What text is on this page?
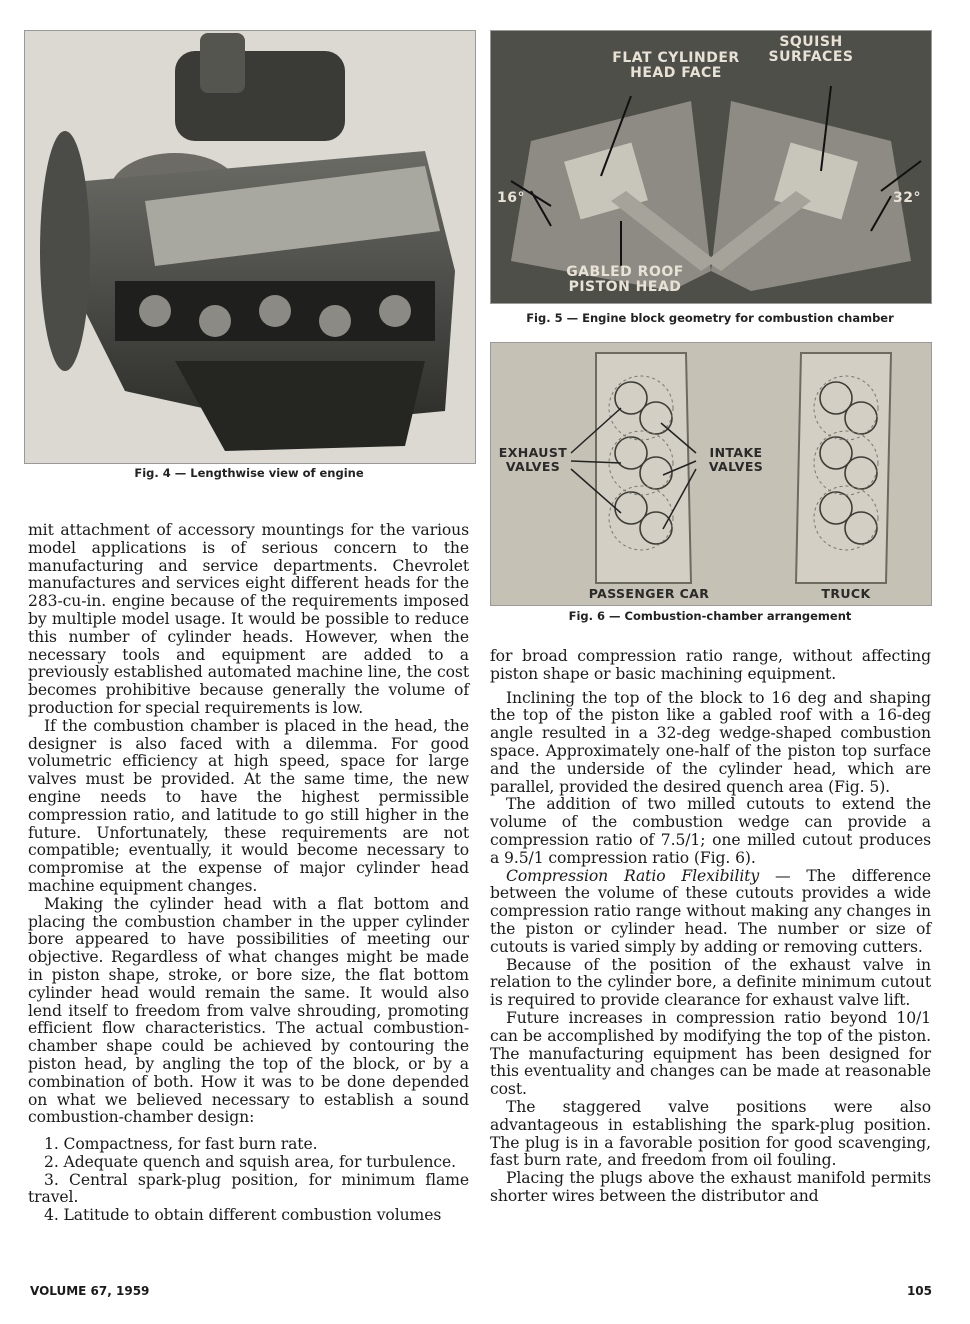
Fig. 4 — Lengthwise view of engine
FLAT CYLINDER
HEAD FACE
SQUISH
SURFACES
16°	32°
GABLED ROOF
PISTON HEAD
Fig. 5 — Engine block geometry for combustion chamber
EXHAUST
VALVES
INTAKE
VALVES
PASSENGER CAR	TRUCK
Fig. 6 — Combustion-chamber arrangement

mit attachment of accessory mountings for the various model applications is of serious concern to the manufacturing and service departments. Chevrolet manufactures and services eight different heads for the 283-cu-in. engine because of the requirements imposed by multiple model usage. It would be possible to reduce this number of cylinder heads. However, when the necessary tools and equipment are added to a previously established automated machine line, the cost becomes prohibitive because generally the volume of production for special requirements is low.

If the combustion chamber is placed in the head, the designer is also faced with a dilemma. For good volumetric efficiency at high speed, space for large valves must be provided. At the same time, the new engine needs to have the highest permissible compression ratio, and latitude to go still higher in the future. Unfortunately, these requirements are not compatible; eventually, it would become necessary to compromise at the expense of major cylinder head machine equipment changes.

Making the cylinder head with a flat bottom and placing the combustion chamber in the upper cylinder bore appeared to have possibilities of meeting our objective. Regardless of what changes might be made in piston shape, stroke, or bore size, the flat bottom cylinder head would remain the same. It would also lend itself to freedom from valve shrouding, promoting efficient flow characteristics. The actual combustion-chamber shape could be achieved by contouring the piston head, by angling the top of the block, or by a combination of both. How it was to be done depended on what we believed necessary to establish a sound combustion-chamber design:

1. Compactness, for fast burn rate.
2. Adequate quench and squish area, for turbulence.
3. Central spark-plug position, for minimum flame travel.
4. Latitude to obtain different combustion volumes

for broad compression ratio range, without affecting piston shape or basic machining equipment.

Inclining the top of the block to 16 deg and shaping the top of the piston like a gabled roof with a 16-deg angle resulted in a 32-deg wedge-shaped combustion space. Approximately one-half of the piston top surface and the underside of the cylinder head, which are parallel, provided the desired quench area (Fig. 5).

The addition of two milled cutouts to extend the volume of the combustion wedge can provide a compression ratio of 7.5/1; one milled cutout produces a 9.5/1 compression ratio (Fig. 6).

Compression Ratio Flexibility — The difference between the volume of these cutouts provides a wide compression ratio range without making any changes in the piston or cylinder head. The number or size of cutouts is varied simply by adding or removing cutters.

Because of the position of the exhaust valve in relation to the cylinder bore, a definite minimum cutout is required to provide clearance for exhaust valve lift.

Future increases in compression ratio beyond 10/1 can be accomplished by modifying the top of the piston. The manufacturing equipment has been designed for this eventuality and changes can be made at reasonable cost.

The staggered valve positions were also advantageous in establishing the spark-plug position. The plug is in a favorable position for good scavenging, fast burn rate, and freedom from oil fouling.

Placing the plugs above the exhaust manifold permits shorter wires between the distributor and

VOLUME 67, 1959	105
